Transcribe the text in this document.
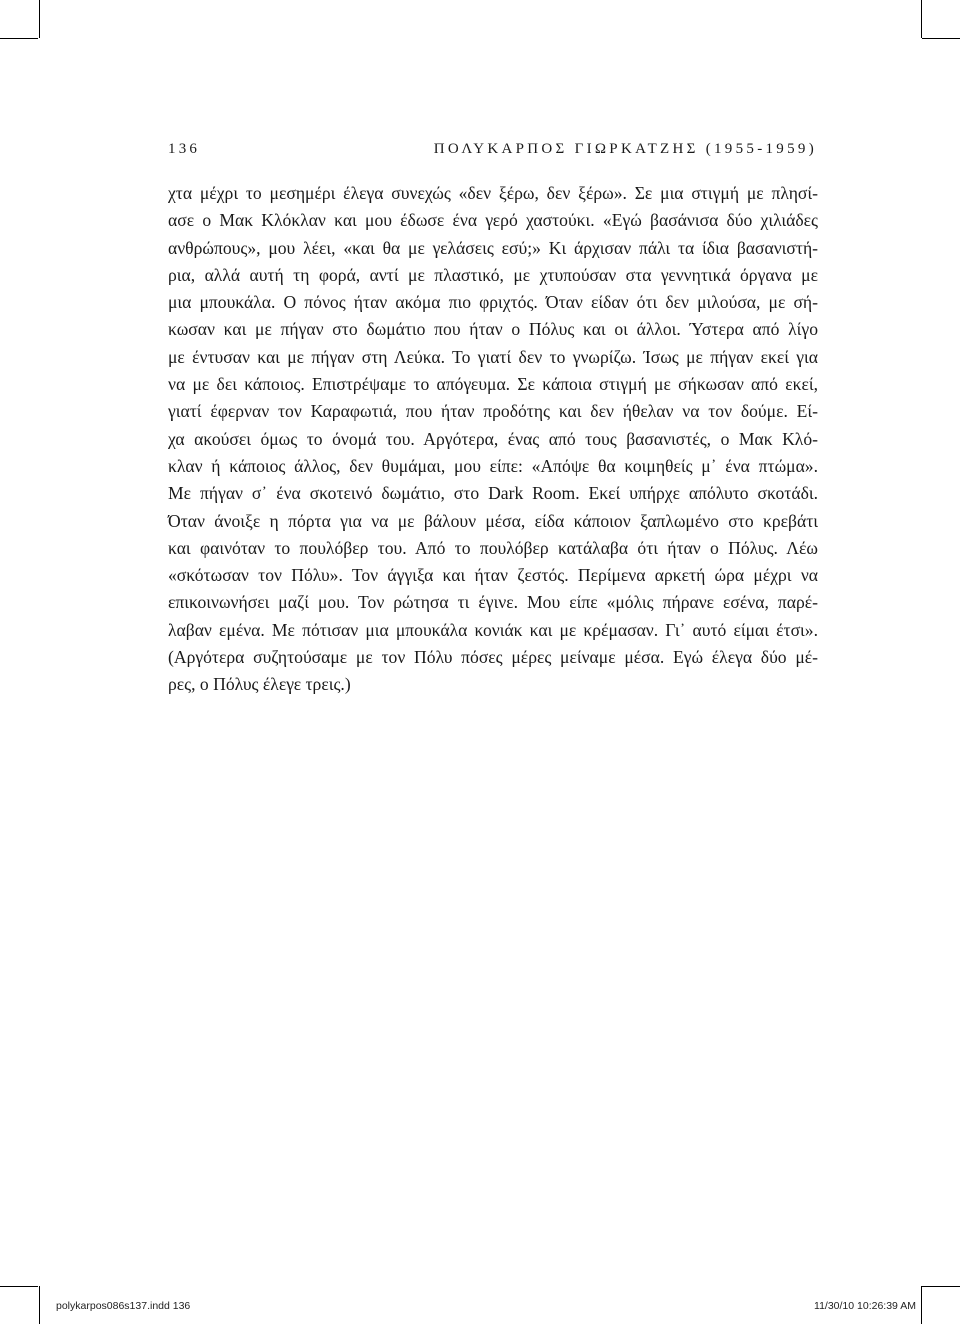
136	ΠΟΛΥΚΑΡΠΟΣ ΓΙΩΡΚΑΤΖΗΣ (1955-1959)
χτα μέχρι το μεσημέρι έλεγα συνεχώς «δεν ξέρω, δεν ξέρω». Σε μια στιγμή με πλησί-
ασε ο Μακ Κλόκλαν και μου έδωσε ένα γερό χαστούκι. «Εγώ βασάνισα δύο χιλιάδες
ανθρώπους», μου λέει, «και θα με γελάσεις εσύ;» Κι άρχισαν πάλι τα ίδια βασανιστή-
ρια, αλλά αυτή τη φορά, αντί με πλαστικό, με χτυπούσαν στα γεννητικά όργανα με
μια μπουκάλα. Ο πόνος ήταν ακόμα πιο φριχτός. Όταν είδαν ότι δεν μιλούσα, με σή-
κωσαν και με πήγαν στο δωμάτιο που ήταν ο Πόλυς και οι άλλοι. Ύστερα από λίγο
με έντυσαν και με πήγαν στη Λεύκα. Το γιατί δεν το γνωρίζω. Ίσως με πήγαν εκεί για
να με δει κάποιος. Επιστρέψαμε το απόγευμα. Σε κάποια στιγμή με σήκωσαν από εκεί,
γιατί έφερναν τον Καραφωτιά, που ήταν προδότης και δεν ήθελαν να τον δούμε. Εί-
χα ακούσει όμως το όνομά του. Αργότερα, ένας από τους βασανιστές, ο Μακ Κλό-
κλαν ή κάποιος άλλος, δεν θυμάμαι, μου είπε: «Απόψε θα κοιμηθείς μ᾽ ένα πτώμα».
Με πήγαν σ᾽ ένα σκοτεινό δωμάτιο, στο Dark Room. Εκεί υπήρχε απόλυτο σκοτάδι.
Όταν άνοιξε η πόρτα για να με βάλουν μέσα, είδα κάποιον ξαπλωμένο στο κρεβάτι
και φαινόταν το πουλόβερ του. Από το πουλόβερ κατάλαβα ότι ήταν ο Πόλυς. Λέω
«σκότωσαν τον Πόλυ». Τον άγγιξα και ήταν ζεστός. Περίμενα αρκετή ώρα μέχρι να
επικοινωνήσει μαζί μου. Τον ρώτησα τι έγινε. Μου είπε «μόλις πήρανε εσένα, παρέ-
λαβαν εμένα. Με πότισαν μια μπουκάλα κονιάκ και με κρέμασαν. Γι᾽ αυτό είμαι έτσι».
(Αργότερα συζητούσαμε με τον Πόλυ πόσες μέρες μείναμε μέσα. Εγώ έλεγα δύο μέ-
ρες, ο Πόλυς έλεγε τρεις.)
polykarpos086s137.indd 136	11/30/10 10:26:39 AM
